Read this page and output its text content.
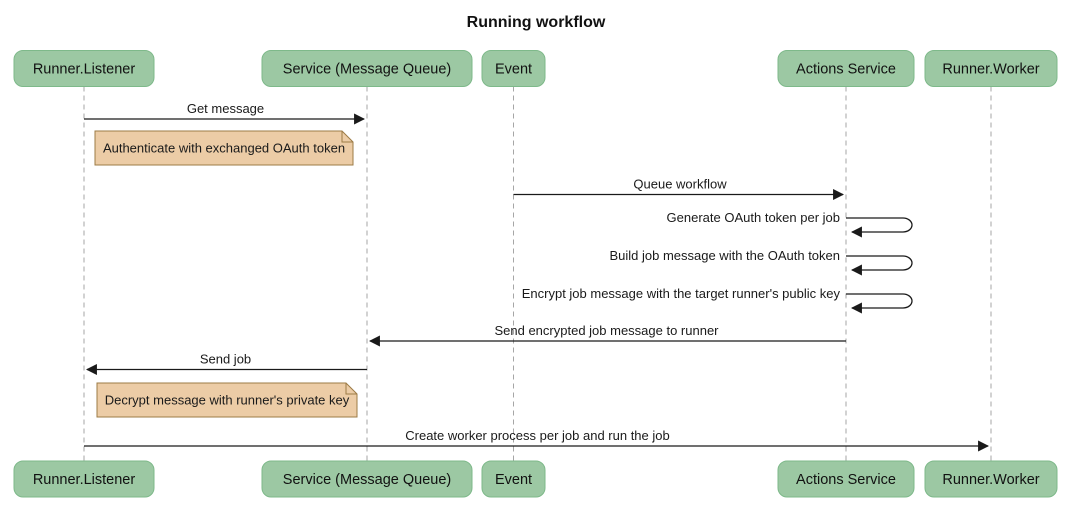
Running workflow
Runner.Listener	Service (Message Queue)	Event	Actions Service	Runner.Worker
Get message
Authenticate with exchanged OAuth token
Queue workflow
Generate OAuth token per job
Build job message with the OAuth token
Encrypt job message with the target runner's public key
Send encrypted job message to runner
Send job
Decrypt message with runner's private key
Create worker process per job and run the job
Runner.Listener	Service (Message Queue)	Event	Actions Service	Runner.Worker
